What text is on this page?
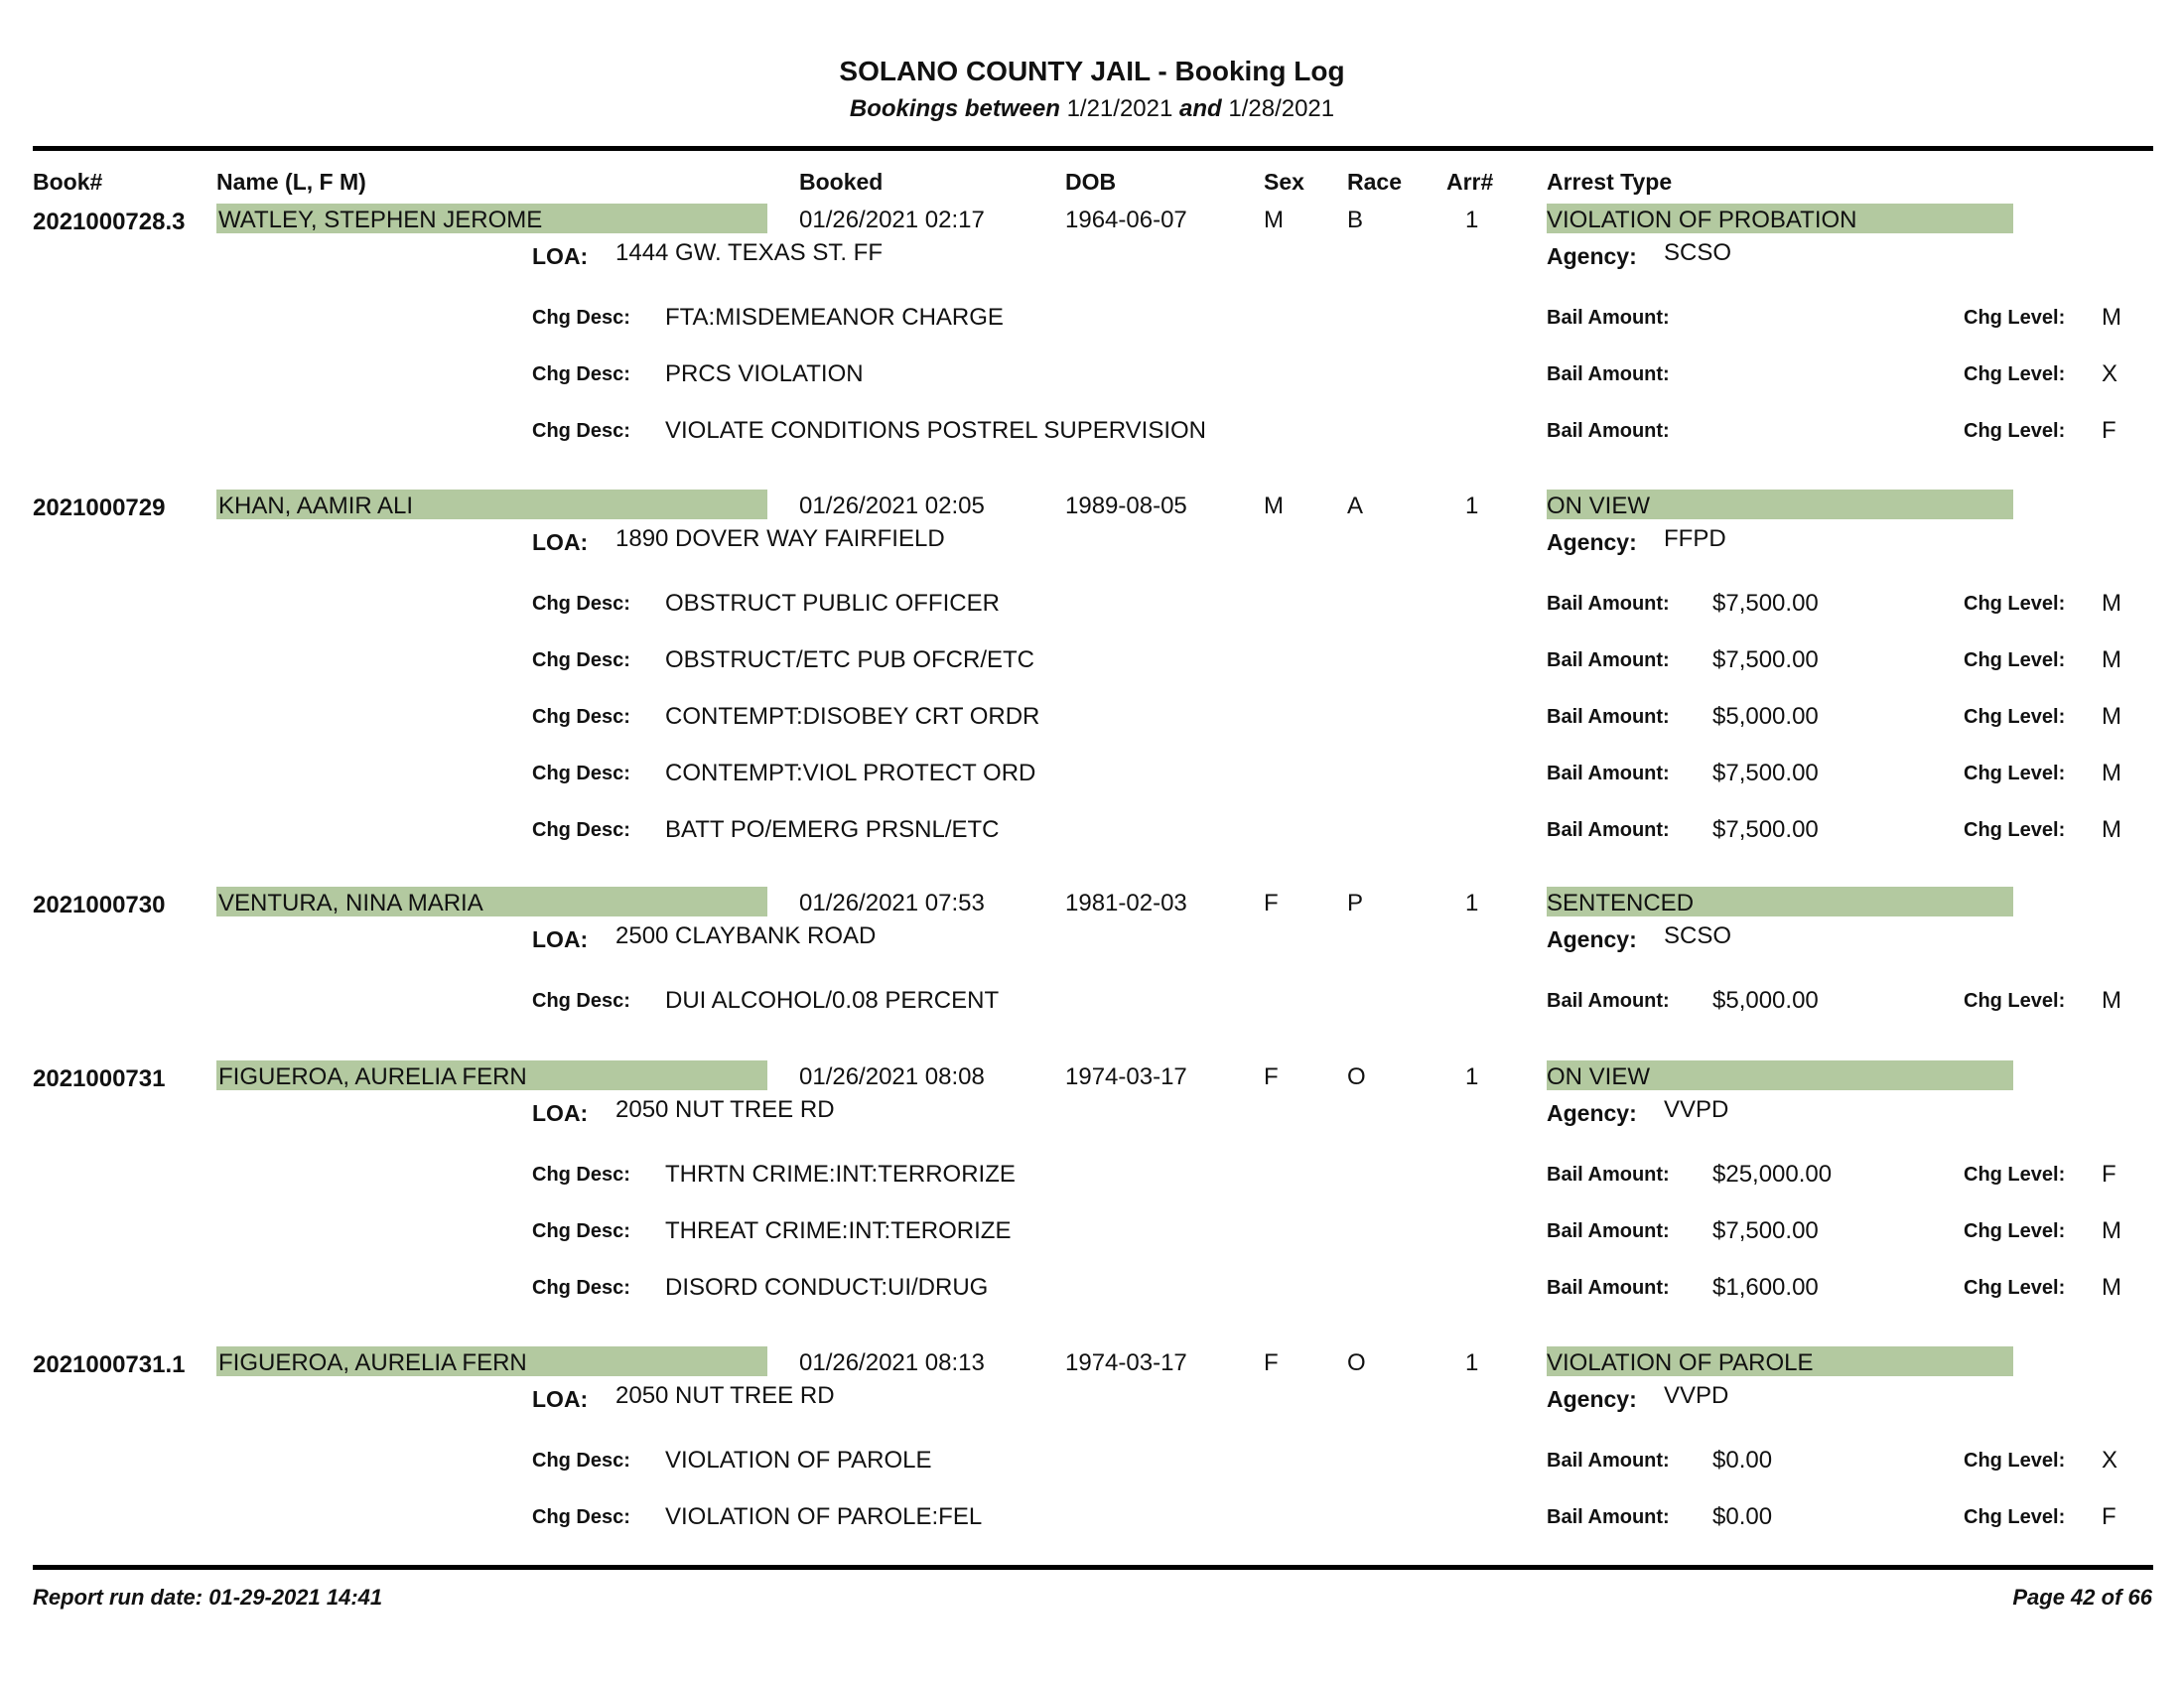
SOLANO COUNTY JAIL - Booking Log
Bookings between 1/21/2021 and 1/28/2021
Book#	Name (L, F M)	Booked	DOB	Sex Race Arr# Arrest Type
2021000728.3 WATLEY, STEPHEN JEROME	01/26/2021 02:17	1964-06-07	M	B	1	VIOLATION OF PROBATION
LOA: 1444 GW. TEXAS ST. FF	Agency: SCSO
Chg Desc: FTA:MISDEMEANOR CHARGE	Bail Amount:	Chg Level: M
Chg Desc: PRCS VIOLATION	Bail Amount:	Chg Level: X
Chg Desc: VIOLATE CONDITIONS POSTREL SUPERVISION	Bail Amount:	Chg Level: F
2021000729 KHAN, AAMIR ALI	01/26/2021 02:05	1989-08-05	M	A	1	ON VIEW
LOA: 1890 DOVER WAY FAIRFIELD	Agency: FFPD
Chg Desc: OBSTRUCT PUBLIC OFFICER	Bail Amount: $7,500.00	Chg Level: M
Chg Desc: OBSTRUCT/ETC PUB OFCR/ETC	Bail Amount: $7,500.00	Chg Level: M
Chg Desc: CONTEMPT:DISOBEY CRT ORDR	Bail Amount: $5,000.00	Chg Level: M
Chg Desc: CONTEMPT:VIOL PROTECT ORD	Bail Amount: $7,500.00	Chg Level: M
Chg Desc: BATT PO/EMERG PRSNL/ETC	Bail Amount: $7,500.00	Chg Level: M
2021000730 VENTURA, NINA MARIA	01/26/2021 07:53	1981-02-03	F	P	1	SENTENCED
LOA: 2500 CLAYBANK ROAD	Agency: SCSO
Chg Desc: DUI ALCOHOL/0.08 PERCENT	Bail Amount: $5,000.00	Chg Level: M
2021000731 FIGUEROA, AURELIA FERN	01/26/2021 08:08	1974-03-17	F	O	1	ON VIEW
LOA: 2050 NUT TREE RD	Agency: VVPD
Chg Desc: THRTN CRIME:INT:TERRORIZE	Bail Amount: $25,000.00	Chg Level: F
Chg Desc: THREAT CRIME:INT:TERORIZE	Bail Amount: $7,500.00	Chg Level: M
Chg Desc: DISORD CONDUCT:UI/DRUG	Bail Amount: $1,600.00	Chg Level: M
2021000731.1 FIGUEROA, AURELIA FERN	01/26/2021 08:13	1974-03-17	F	O	1	VIOLATION OF PAROLE
LOA: 2050 NUT TREE RD	Agency: VVPD
Chg Desc: VIOLATION OF PAROLE	Bail Amount: $0.00	Chg Level: X
Chg Desc: VIOLATION OF PAROLE:FEL	Bail Amount: $0.00	Chg Level: F
Report run date: 01-29-2021 14:41	Page 42 of 66
